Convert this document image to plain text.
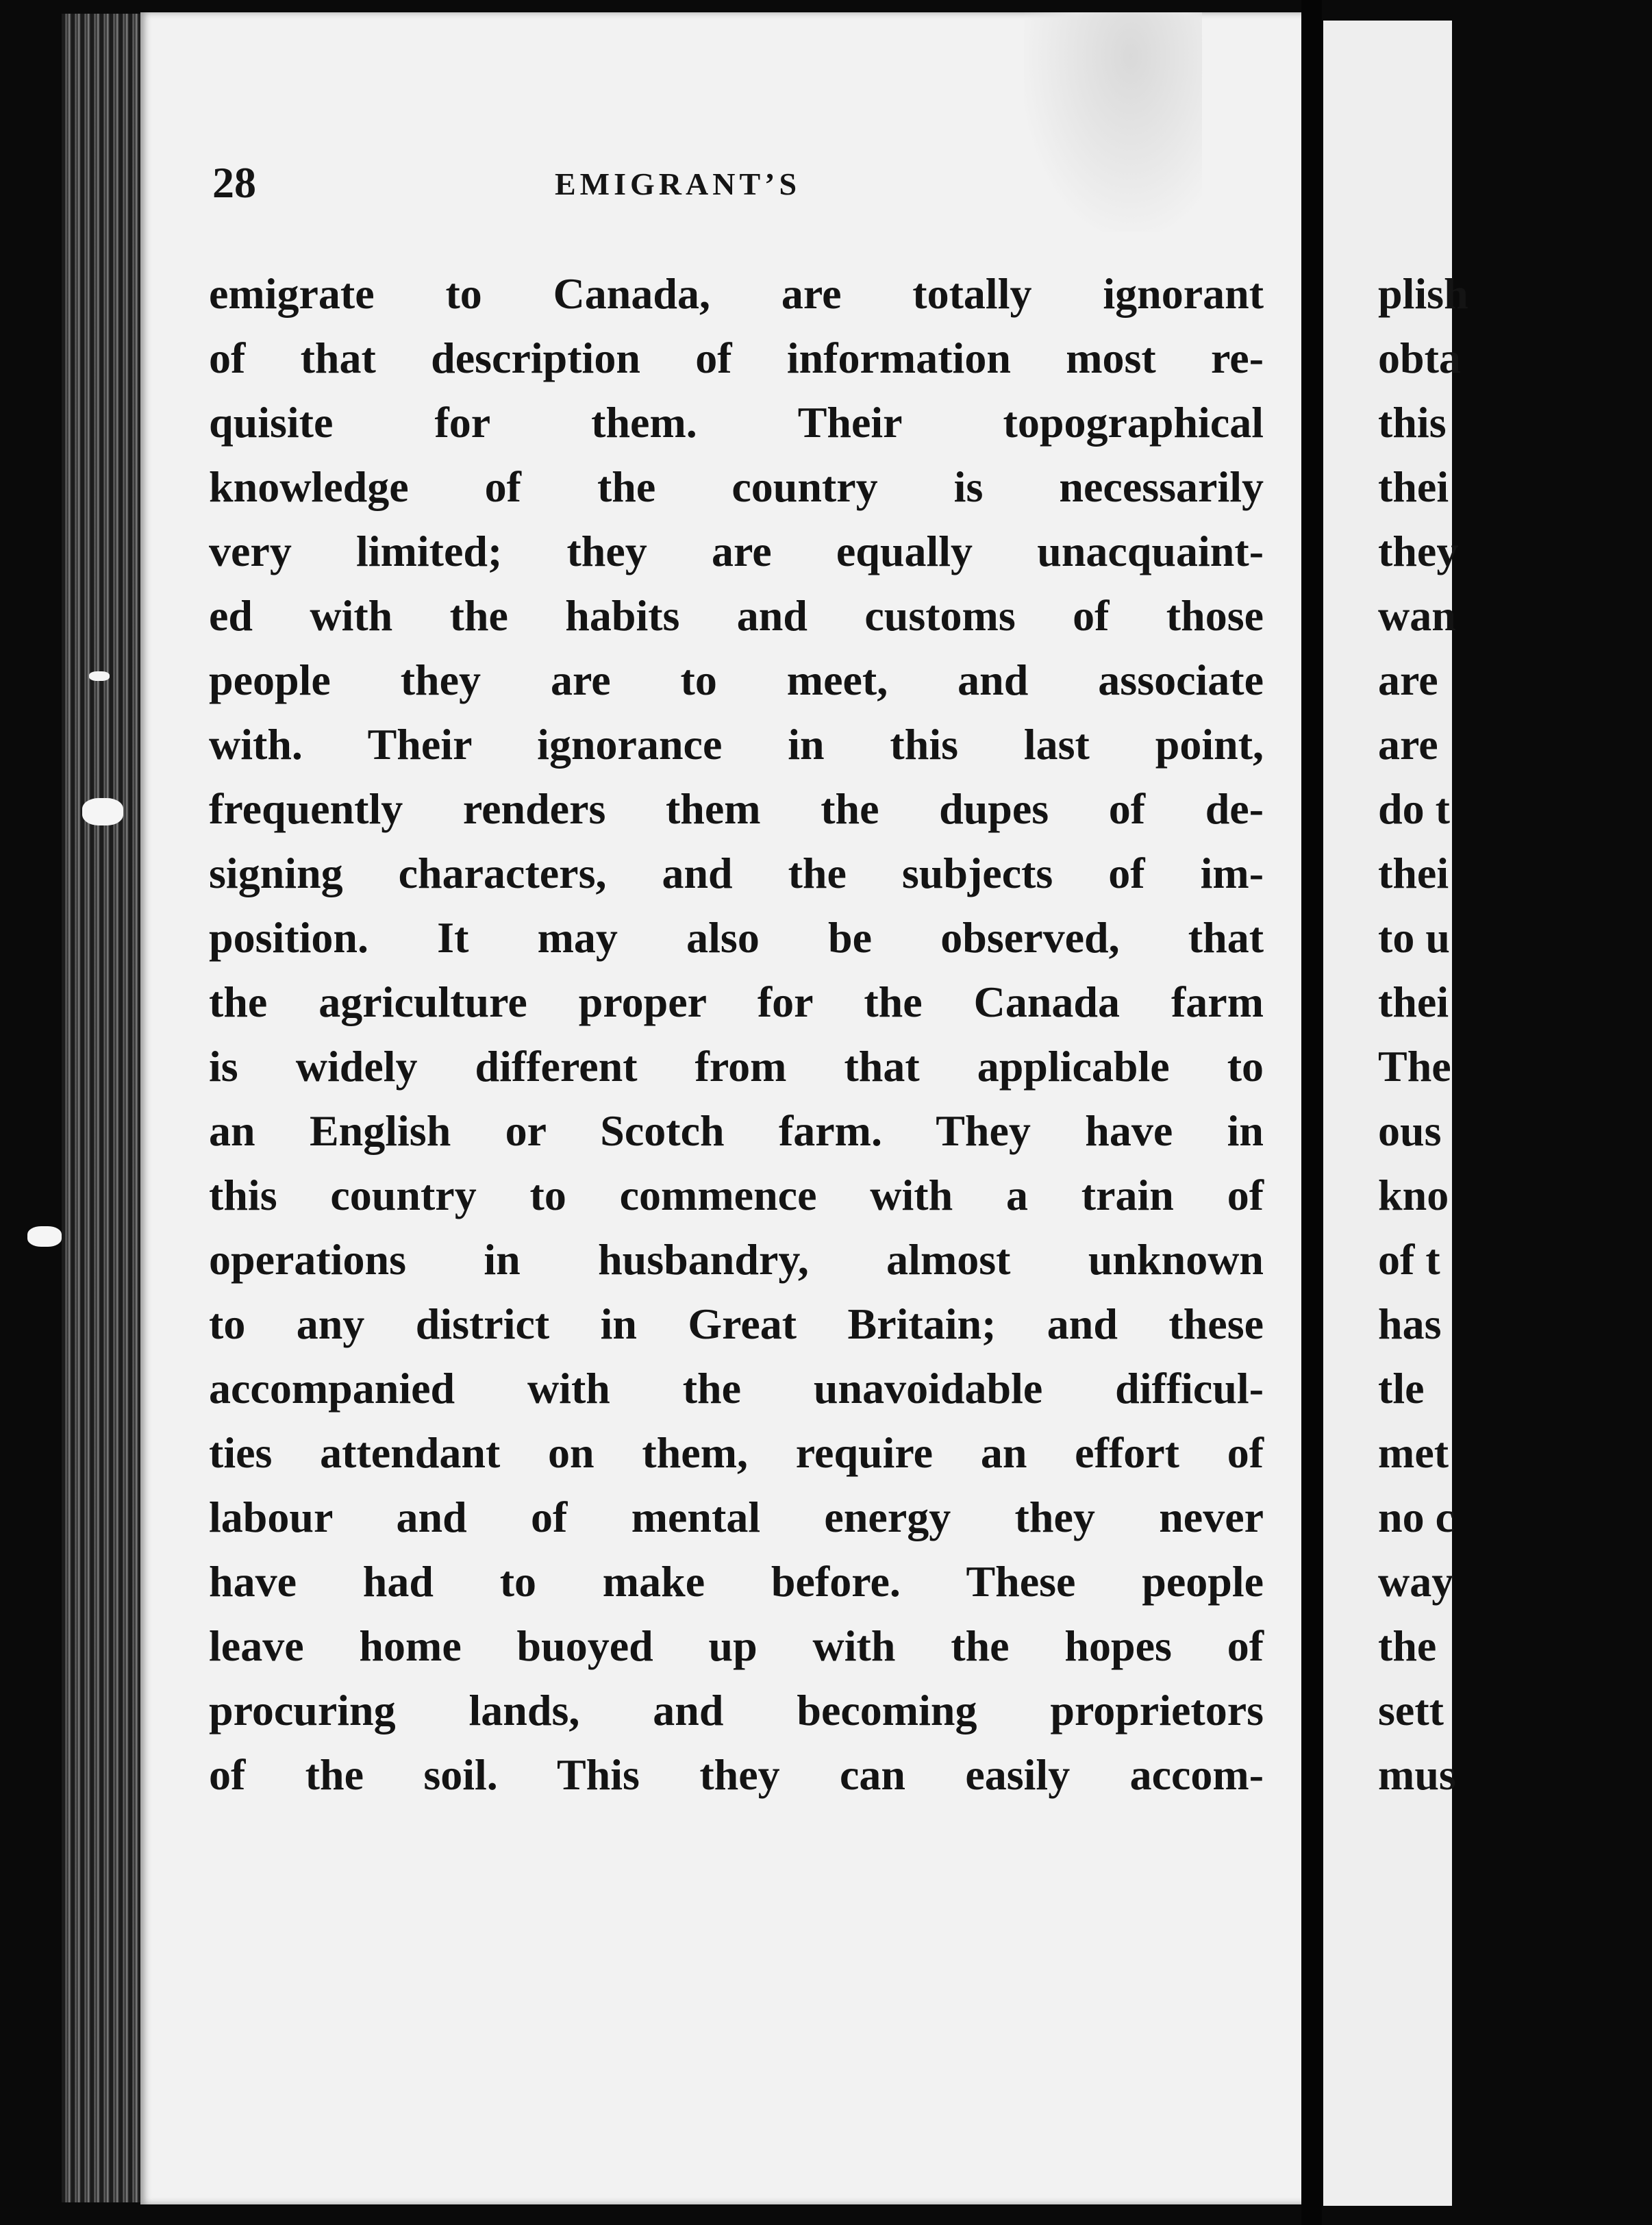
28	EMIGRANT’S
emigrate to Canada, are totally ignorant
of that description of information most re-
quisite for them. Their topographical
knowledge of the country is necessarily
very limited; they are equally unacquaint-
ed with the habits and customs of those
people they are to meet, and associate
with. Their ignorance in this last point,
frequently renders them the dupes of de-
signing characters, and the subjects of im-
position. It may also be observed, that
the agriculture proper for the Canada farm
is widely different from that applicable to
an English or Scotch farm. They have in
this country to commence with a train of
operations in husbandry, almost unknown
to any district in Great Britain; and these
accompanied with the unavoidable difficul-
ties attendant on them, require an effort of
labour and of mental energy they never
have had to make before. These people
leave home buoyed up with the hopes of
procuring lands, and becoming proprietors
of the soil. This they can easily accom-
plish
obta
this
thei
they
wan
are
are
do t
thei
to u
thei
The
ous
kno
of t
has
tle
met
no c
way
the
sett
mus
